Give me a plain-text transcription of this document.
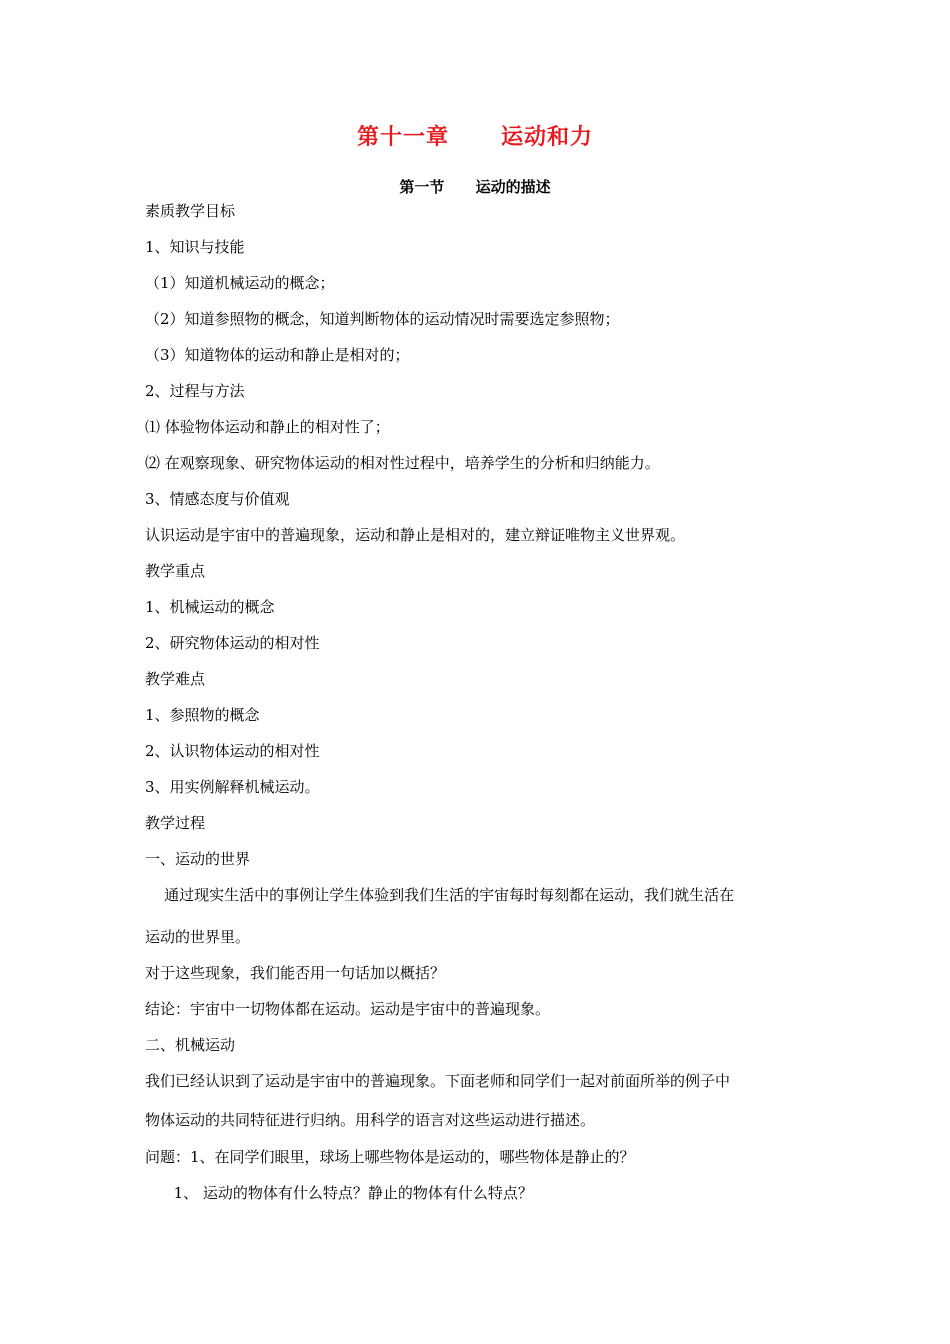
第十一章      运动和力
第一节      运动的描述
素质教学目标
1、知识与技能
（1）知道机械运动的概念；
（2）知道参照物的概念，知道判断物体的运动情况时需要选定参照物；
（3）知道物体的运动和静止是相对的；
2、过程与方法
⑴ 体验物体运动和静止的相对性了；
⑵ 在观察现象、研究物体运动的相对性过程中，培养学生的分析和归纳能力。
3、情感态度与价值观
认识运动是宇宙中的普遍现象，运动和静止是相对的，建立辩证唯物主义世界观。
教学重点
1、机械运动的概念
2、研究物体运动的相对性
教学难点
1、参照物的概念
2、认识物体运动的相对性
3、用实例解释机械运动。
教学过程
一、运动的世界
通过现实生活中的事例让学生体验到我们生活的宇宙每时每刻都在运动，我们就生活在
运动的世界里。
对于这些现象，我们能否用一句话加以概括？
结论：宇宙中一切物体都在运动。运动是宇宙中的普遍现象。
二、机械运动
我们已经认识到了运动是宇宙中的普遍现象。下面老师和同学们一起对前面所举的例子中
物体运动的共同特征进行归纳。用科学的语言对这些运动进行描述。
问题：1、在同学们眼里，球场上哪些物体是运动的，哪些物体是静止的？
1、 运动的物体有什么特点？静止的物体有什么特点？
